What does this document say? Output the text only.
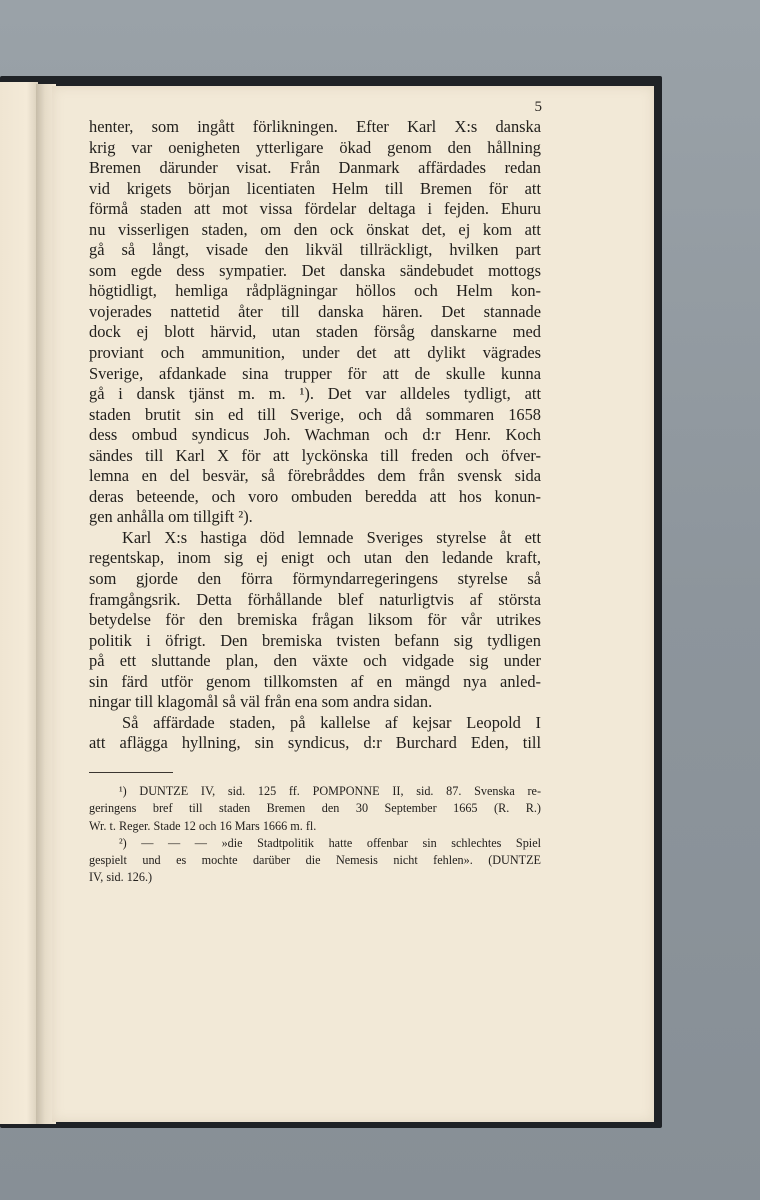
5
henter, som ingått förlikningen. Efter Karl X:s danska
krig var oenigheten ytterligare ökad genom den hållning
Bremen därunder visat. Från Danmark affärdades redan
vid krigets början licentiaten Helm till Bremen för att
förmå staden att mot vissa fördelar deltaga i fejden. Ehuru
nu visserligen staden, om den ock önskat det, ej kom att
gå så långt, visade den likväl tillräckligt, hvilken part
som egde dess sympatier. Det danska sändebudet mottogs
högtidligt, hemliga rådplägningar höllos och Helm kon-
vojerades nattetid åter till danska hären. Det stannade
dock ej blott härvid, utan staden försåg danskarne med
proviant och ammunition, under det att dylikt vägrades
Sverige, afdankade sina trupper för att de skulle kunna
gå i dansk tjänst m. m. ¹). Det var alldeles tydligt, att
staden brutit sin ed till Sverige, och då sommaren 1658
dess ombud syndicus Joh. Wachman och d:r Henr. Koch
sändes till Karl X för att lyckönska till freden och öfver-
lemna en del besvär, så förebråddes dem från svensk sida
deras beteende, och voro ombuden beredda att hos konun-
gen anhålla om tillgift ²).
Karl X:s hastiga död lemnade Sveriges styrelse åt ett
regentskap, inom sig ej enigt och utan den ledande kraft,
som gjorde den förra förmyndarregeringens styrelse så
framgångsrik. Detta förhållande blef naturligtvis af största
betydelse för den bremiska frågan liksom för vår utrikes
politik i öfrigt. Den bremiska tvisten befann sig tydligen
på ett sluttande plan, den växte och vidgade sig under
sin färd utför genom tillkomsten af en mängd nya anled-
ningar till klagomål så väl från ena som andra sidan.
Så affärdade staden, på kallelse af kejsar Leopold I
att aflägga hyllning, sin syndicus, d:r Burchard Eden, till
¹) DUNTZE IV, sid. 125 ff. POMPONNE II, sid. 87. Svenska re-
geringens bref till staden Bremen den 30 September 1665 (R. R.)
Wr. t. Reger. Stade 12 och 16 Mars 1666 m. fl.
²) — — — »die Stadtpolitik hatte offenbar sin schlechtes Spiel
gespielt und es mochte darüber die Nemesis nicht fehlen». (DUNTZE
IV, sid. 126.)
